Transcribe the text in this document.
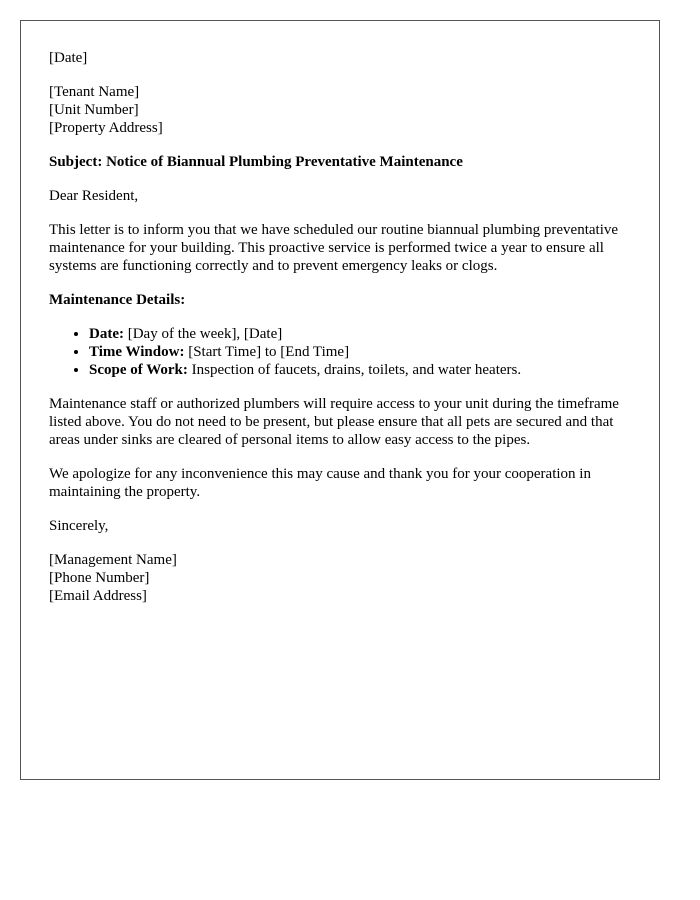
[Date]
[Tenant Name]
[Unit Number]
[Property Address]

Subject: Notice of Biannual Plumbing Preventative Maintenance

Dear Resident,

This letter is to inform you that we have scheduled our routine biannual plumbing preventative maintenance for your building. This proactive service is performed twice a year to ensure all systems are functioning correctly and to prevent emergency leaks or clogs.

Maintenance Details:

• Date: [Day of the week], [Date]
• Time Window: [Start Time] to [End Time]
• Scope of Work: Inspection of faucets, drains, toilets, and water heaters.

Maintenance staff or authorized plumbers will require access to your unit during the timeframe listed above. You do not need to be present, but please ensure that all pets are secured and that areas under sinks are cleared of personal items to allow easy access to the pipes.

We apologize for any inconvenience this may cause and thank you for your cooperation in maintaining the property.

Sincerely,

[Management Name]
[Phone Number]
[Email Address]
